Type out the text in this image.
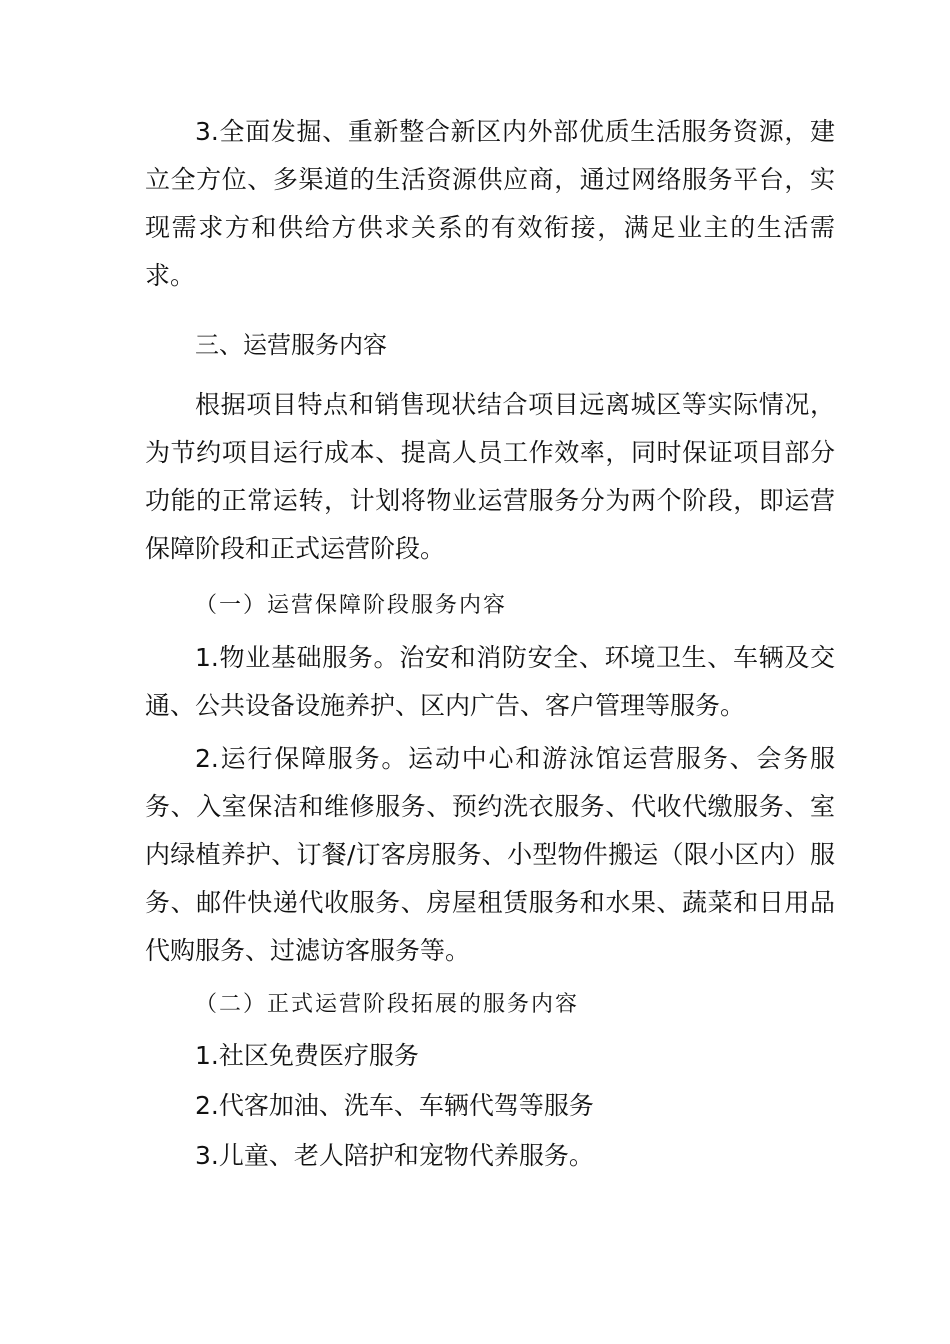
3.全面发掘、重新整合新区内外部优质生活服务资源，建立全方位、多渠道的生活资源供应商，通过网络服务平台，实现需求方和供给方供求关系的有效衔接，满足业主的生活需求。

三、运营服务内容

根据项目特点和销售现状结合项目远离城区等实际情况，为节约项目运行成本、提高人员工作效率，同时保证项目部分功能的正常运转，计划将物业运营服务分为两个阶段，即运营保障阶段和正式运营阶段。

（一）运营保障阶段服务内容

1.物业基础服务。治安和消防安全、环境卫生、车辆及交通、公共设备设施养护、区内广告、客户管理等服务。

2.运行保障服务。运动中心和游泳馆运营服务、会务服务、入室保洁和维修服务、预约洗衣服务、代收代缴服务、室内绿植养护、订餐/订客房服务、小型物件搬运（限小区内）服务、邮件快递代收服务、房屋租赁服务和水果、蔬菜和日用品代购服务、过滤访客服务等。

（二）正式运营阶段拓展的服务内容

1.社区免费医疗服务

2.代客加油、洗车、车辆代驾等服务

3.儿童、老人陪护和宠物代养服务。
